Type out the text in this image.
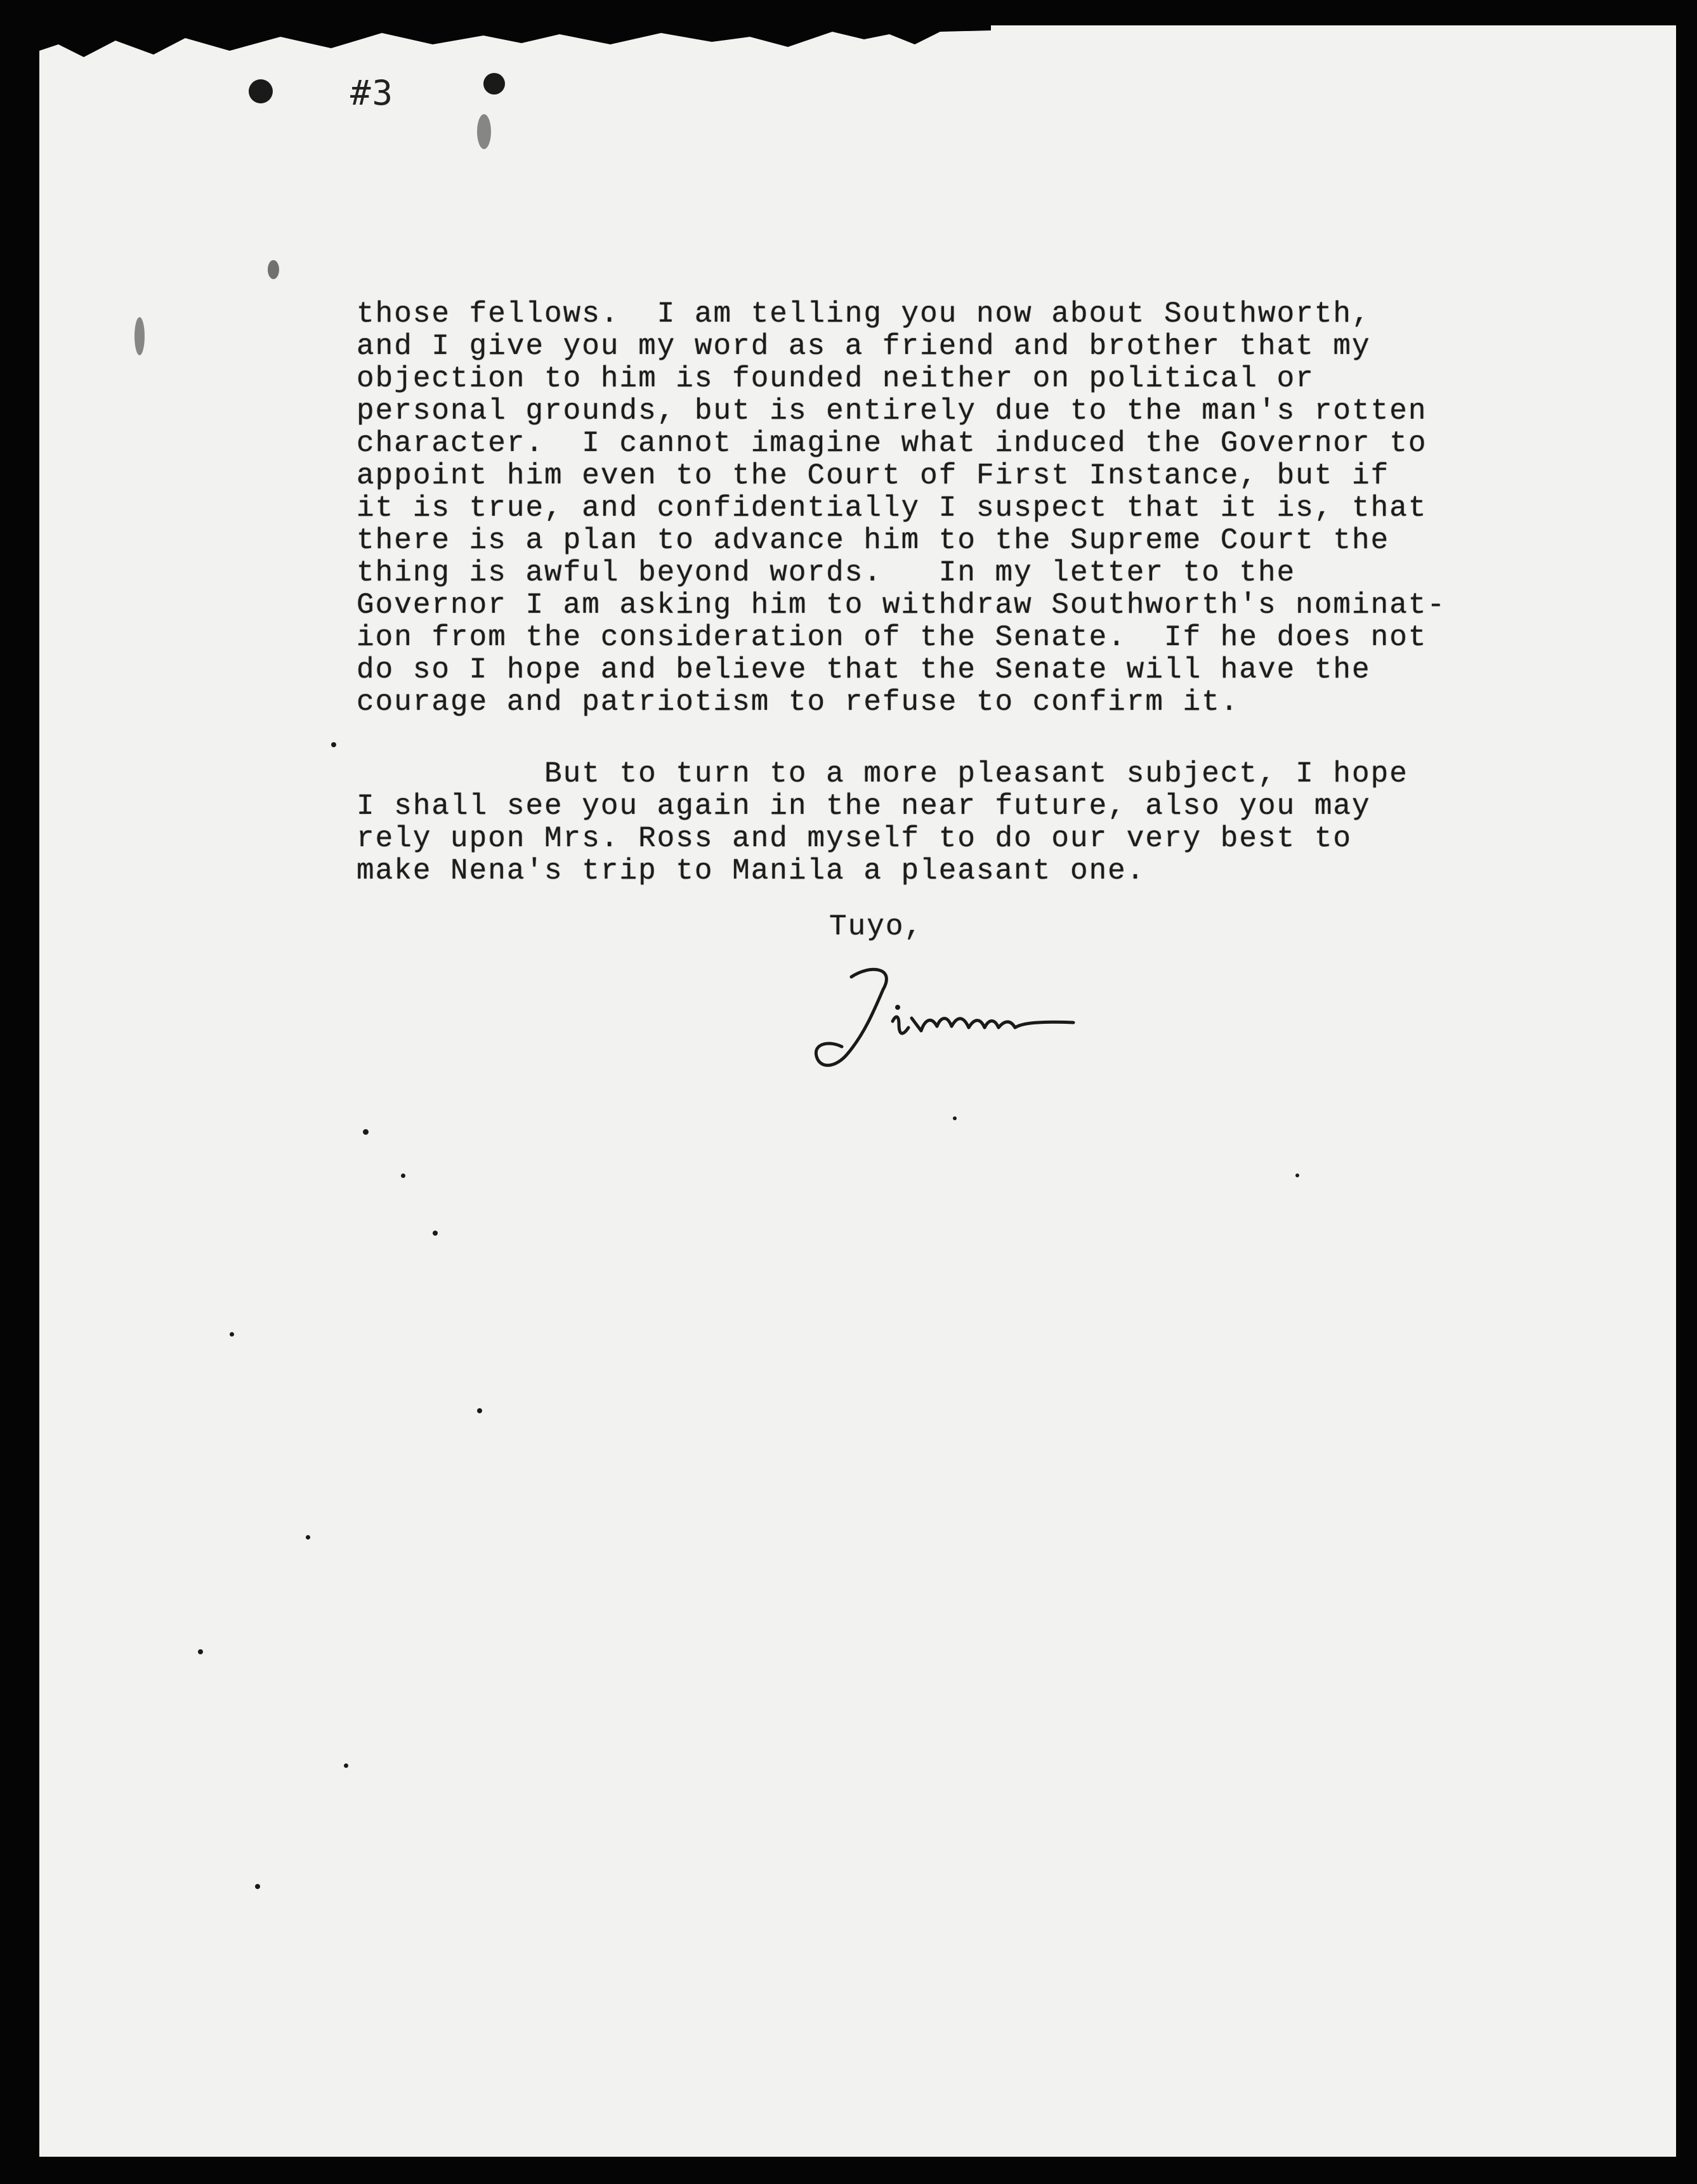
#3
those fellows.  I am telling you now about Southworth,
and I give you my word as a friend and brother that my
objection to him is founded neither on political or
personal grounds, but is entirely due to the man's rotten
character.  I cannot imagine what induced the Governor to
appoint him even to the Court of First Instance, but if
it is true, and confidentially I suspect that it is, that
there is a plan to advance him to the Supreme Court the
thing is awful beyond words.   In my letter to the
Governor I am asking him to withdraw Southworth's nominat-
ion from the consideration of the Senate.  If he does not
do so I hope and believe that the Senate will have the
courage and patriotism to refuse to confirm it.
But to turn to a more pleasant subject, I hope
I shall see you again in the near future, also you may
rely upon Mrs. Ross and myself to do our very best to
make Nena's trip to Manila a pleasant one.
Tuyo,
